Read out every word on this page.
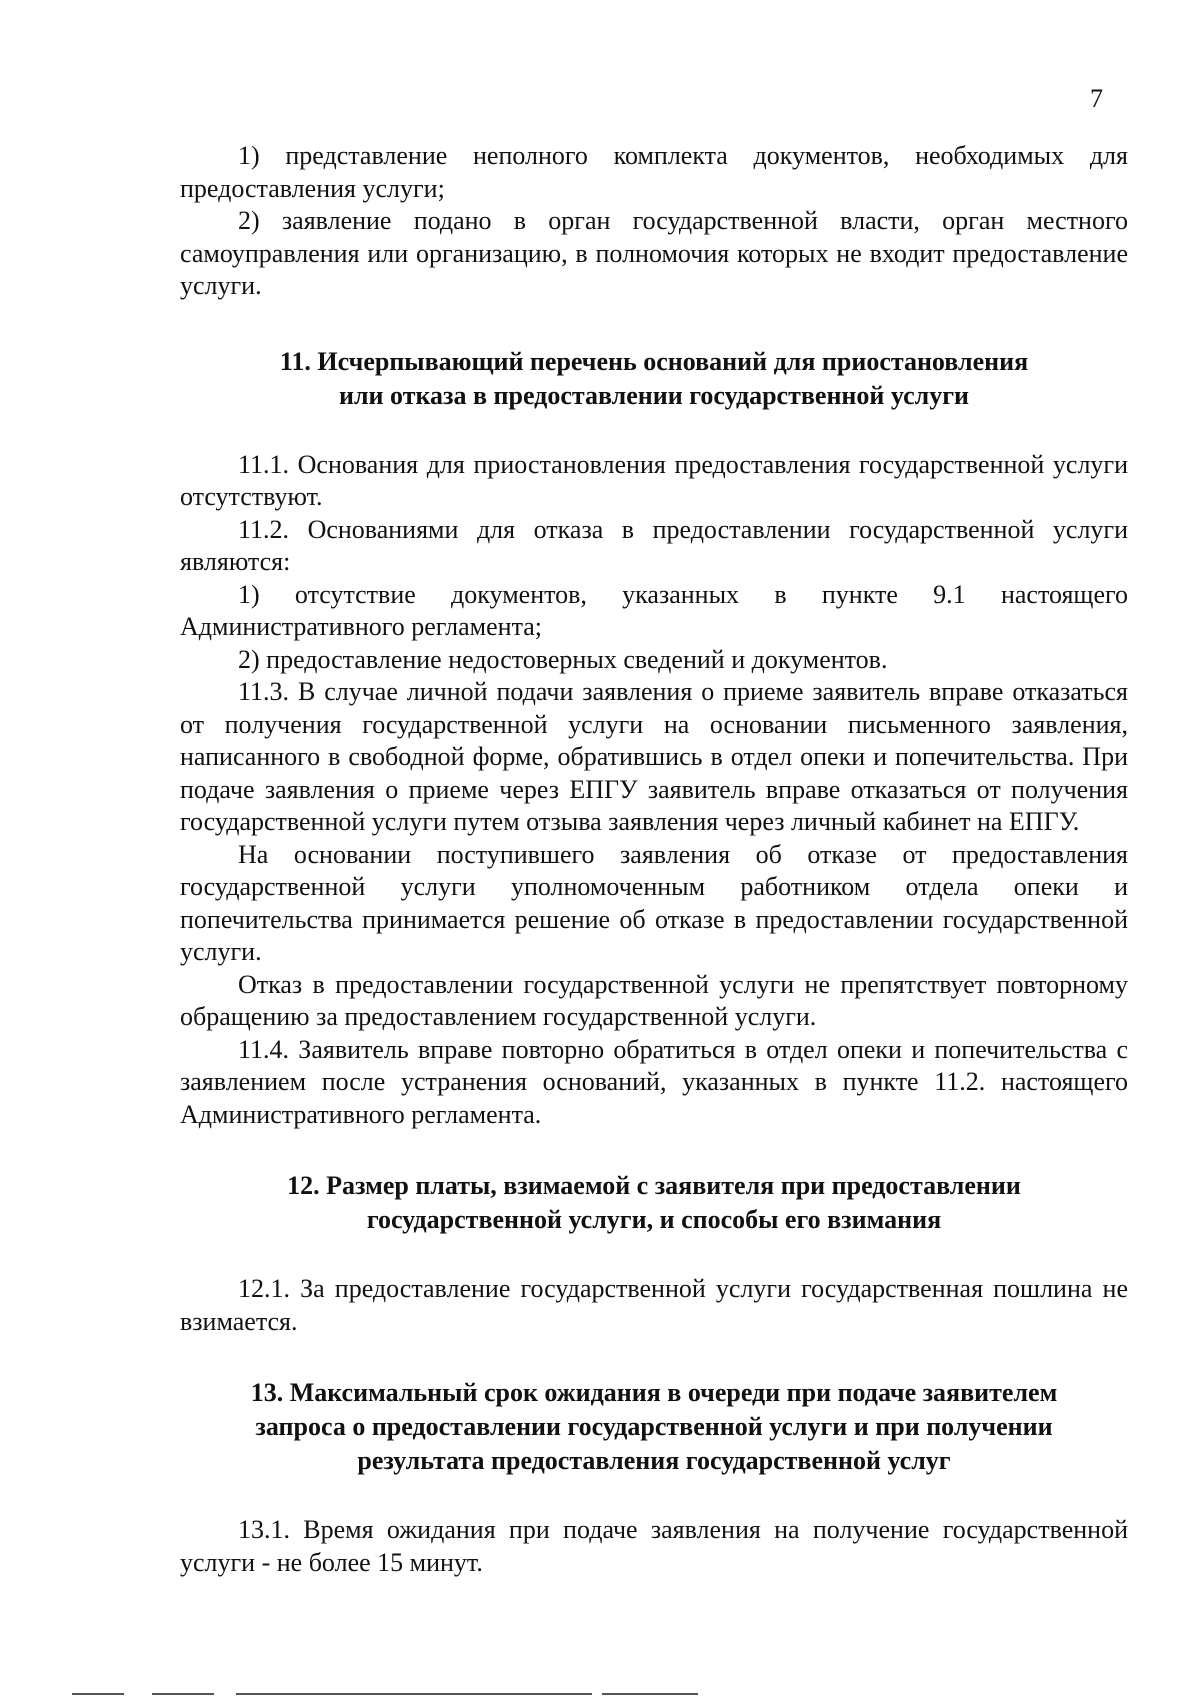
7

1) представление неполного комплекта документов, необходимых для предоставления услуги;

2) заявление подано в орган государственной власти, орган местного самоуправления или организацию, в полномочия которых не входит предоставление услуги.

11. Исчерпывающий перечень оснований для приостановления
или отказа в предоставлении государственной услуги

11.1. Основания для приостановления предоставления государственной услуги отсутствуют.

11.2. Основаниями для отказа в предоставлении государственной услуги являются:

1) отсутствие документов, указанных в пункте 9.1 настоящего Административного регламента;

2) предоставление недостоверных сведений и документов.

11.3. В случае личной подачи заявления о приеме заявитель вправе отказаться от получения государственной услуги на основании письменного заявления, написанного в свободной форме, обратившись в отдел опеки и попечительства. При подаче заявления о приеме через ЕПГУ заявитель вправе отказаться от получения государственной услуги путем отзыва заявления через личный кабинет на ЕПГУ.

На основании поступившего заявления об отказе от предоставления государственной услуги уполномоченным работником отдела опеки и попечительства принимается решение об отказе в предоставлении государственной услуги.

Отказ в предоставлении государственной услуги не препятствует повторному обращению за предоставлением государственной услуги.

11.4. Заявитель вправе повторно обратиться в отдел опеки и попечительства с заявлением после устранения оснований, указанных в пункте 11.2. настоящего Административного регламента.

12. Размер платы, взимаемой с заявителя при предоставлении
государственной услуги, и способы его взимания

12.1. За предоставление государственной услуги государственная пошлина не взимается.

13. Максимальный срок ожидания в очереди при подаче заявителем
запроса о предоставлении государственной услуги и при получении
результата предоставления государственной услуг

13.1. Время ожидания при подаче заявления на получение государственной услуги - не более 15 минут.
